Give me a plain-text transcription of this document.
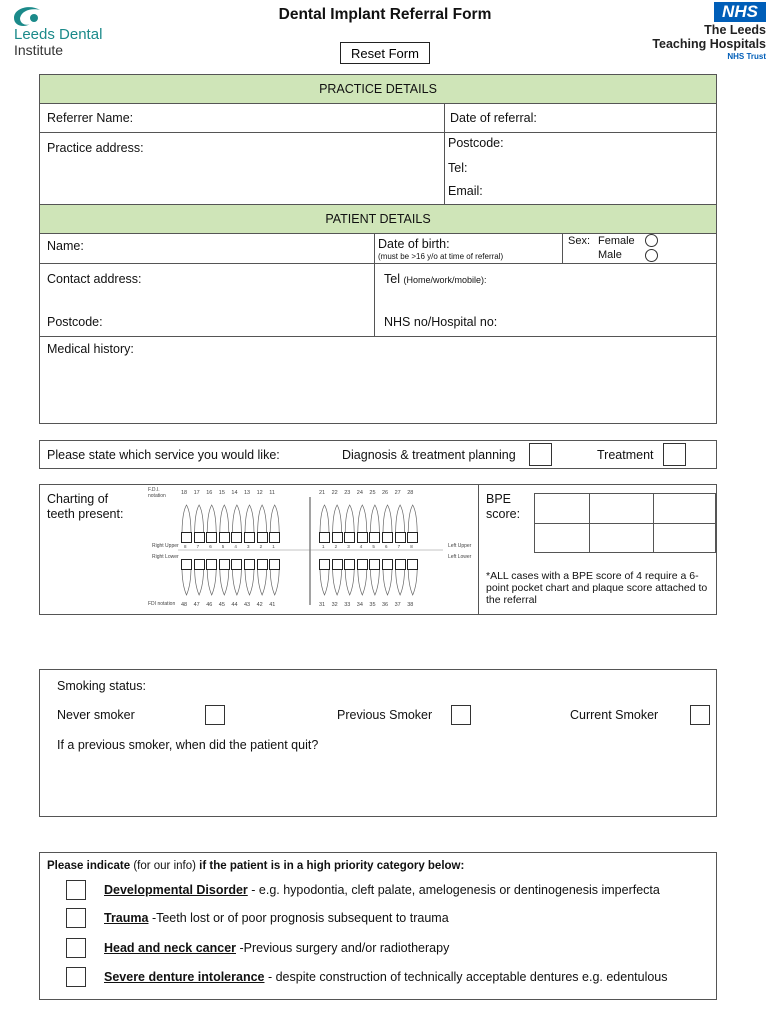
Leeds Dental
Institute
Dental Implant Referral Form
Reset Form
NHS
The Leeds
Teaching Hospitals
NHS Trust
PRACTICE DETAILS
Referrer Name:	Date of referral:
Practice address:	Postcode:
Tel:
Email:
PATIENT DETAILS
Name:	Date of birth:
(must be >16 y/o at time of referral)
Sex: Female
Male
Contact address:
Postcode:
Tel (Home/work/mobile):
NHS no/Hospital no:
Medical history:
Please state which service you would like:	Diagnosis & treatment planning	Treatment
Charting of teeth present:
F.D.I. notation
FDI notation
Right Upper
Right Lower
Left Upper
Left Lower
18 17 16 15 14 13 12 11	21 22 23 24 25 26 27 28
48 47 46 45 44 43 42 41	31 32 33 34 35 36 37 38
8 7 6 5 4 3 2 1	1 2 3 4 5 6 7 8
BPE score:
*ALL cases with a BPE score of 4 require a 6-point pocket chart and plaque score attached to the referral
Smoking status:
Never smoker	Previous Smoker	Current Smoker
If a previous smoker, when did the patient quit?
Please indicate (for our info) if the patient is in a high priority category below:
Developmental Disorder - e.g. hypodontia, cleft palate, amelogenesis or dentinogenesis imperfecta
Trauma -Teeth lost or of poor prognosis subsequent to trauma
Head and neck cancer -Previous surgery and/or radiotherapy
Severe denture intolerance - despite construction of technically acceptable dentures e.g. edentulous
